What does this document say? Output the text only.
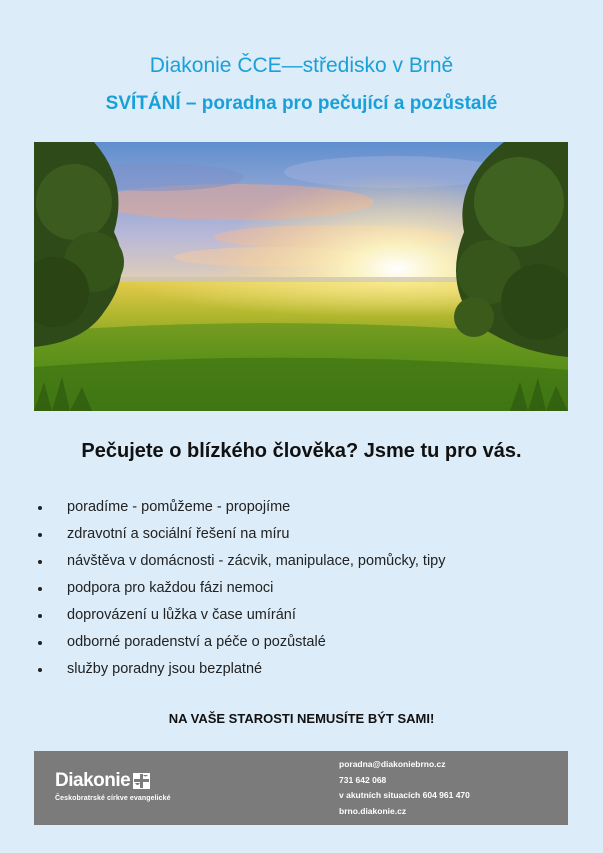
Diakonie ČCE—středisko v Brně
SVÍTÁNÍ – poradna pro pečující a pozůstalé
Pečujete o blízkého člověka? Jsme tu pro vás.
poradíme - pomůžeme - propojíme
zdravotní a sociální řešení na míru
návštěva v domácnosti - zácvik, manipulace, pomůcky, tipy
podpora pro každou fázi nemoci
doprovázení u lůžka v čase umírání
odborné poradenství a péče o pozůstalé
služby poradny jsou bezplatné
NA VAŠE STAROSTI NEMUSÍTE BÝT SAMI!
Diakonie
Českobratrské církve evangelické
poradna@diakoniebrno.cz
731 642 068
v akutních situacích 604 961 470
brno.diakonie.cz
